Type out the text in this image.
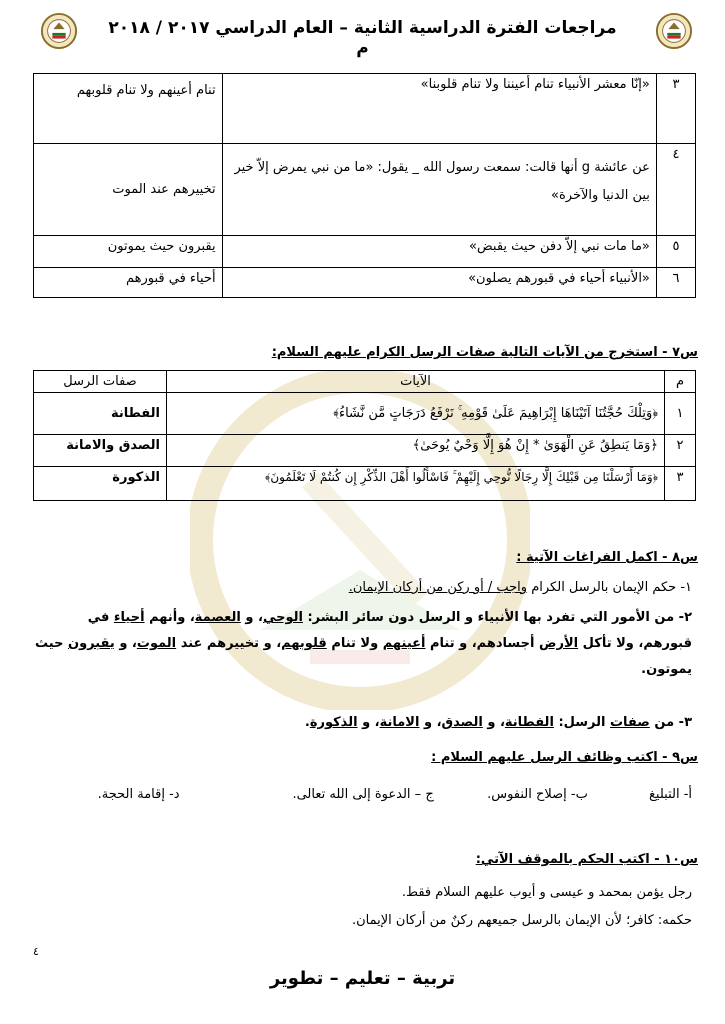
مراجعات الفترة الدراسية الثانية – العام الدراسي ٢٠١٧ / ٢٠١٨ م
٣	«إنّا معشر الأنبياء تنام أعيننا ولا تنام قلوبنا»	تنام أعينهم ولا تنام قلوبهم
٤	عن عائشة g أنها قالت: سمعت رسول الله _ يقول: «ما من نبي يمرض إلاّ خير بين الدنيا والآخرة»	تخييرهم عند الموت
٥	«ما مات نبي إلاّ دفن حيث يقبض»	يقبرون حيث يموتون
٦	«الأنبياء أحياء في قبورهم يصلون»	أحياء في قبورهم
س٧ - استخرج من الآيات التالية صفات الرسل الكرام عليهم السلام:
م	الآيات	صفات الرسل
١	﴿وَتِلْكَ حُجَّتُنَا آتَيْنَاهَا إِبْرَاهِيمَ عَلَىٰ قَوْمِهِ ۚ نَرْفَعُ دَرَجَاتٍ مَّن نَّشَاءُ﴾	الفطانة
٢	﴿وَمَا يَنطِقُ عَنِ الْهَوَىٰ * إِنْ هُوَ إِلَّا وَحْيٌ يُوحَىٰ﴾	الصدق والامانة
٣	﴿وَمَا أَرْسَلْنَا مِن قَبْلِكَ إِلَّا رِجَالًا نُّوحِي إِلَيْهِمْ ۚ فَاسْأَلُوا أَهْلَ الذِّكْرِ إِن كُنتُمْ لَا تَعْلَمُونَ﴾	الذكورة
س٨ - اكمل الفراغات الآتية :
١- حكم الإيمان بالرسل الكرام واجب / أو ركن من أركان الإيمان.
٢- من الأمور التي تفرد بها الأنبياء و الرسل دون سائر البشر: الوحي، و العصمة، وأنهم أحياء في قبورهم، ولا تأكل الأرض أجسادهم، و تنام أعينهم ولا تنام قلوبهم، و تخييرهم عند الموت، و يقبرون حيث يموتون.
٣- من صفات الرسل: الفطانة، و الصدق، و الامانة، و الذكورة.
س٩ - اكتب وظائف الرسل عليهم السلام :
أ- التبليغ ب- إصلاح النفوس. ج – الدعوة إلى الله تعالى. د- إقامة الحجة.
س١٠ - اكتب الحكم بالموقف الآتي:
رجل يؤمن بمحمد و عيسى و أيوب عليهم السلام فقط.
حكمه: كافر؛ لأن الإيمان بالرسل جميعهم ركنٌ من أركان الإيمان.
٤
تربية – تعليم – تطوير
